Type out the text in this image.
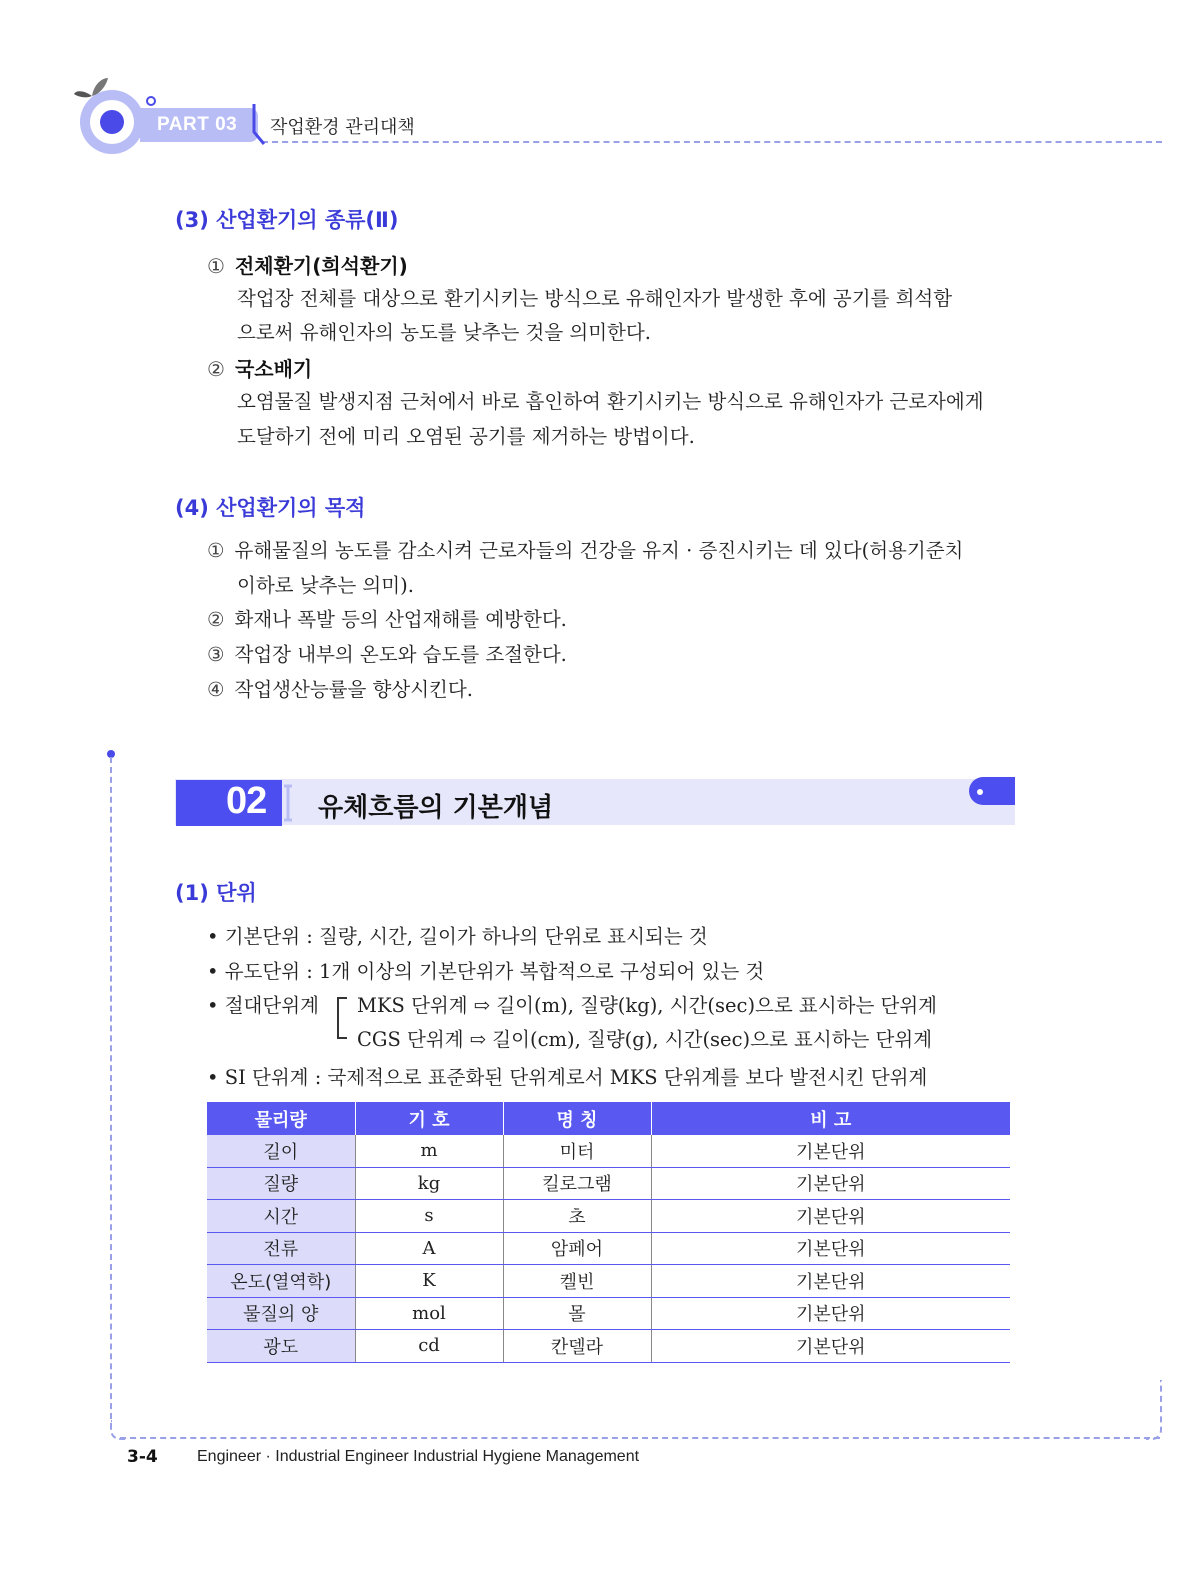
PART 03 작업환경 관리대책
(3) 산업환기의 종류(Ⅱ)
① 전체환기(희석환기)
작업장 전체를 대상으로 환기시키는 방식으로 유해인자가 발생한 후에 공기를 희석함
으로써 유해인자의 농도를 낮추는 것을 의미한다.
② 국소배기
오염물질 발생지점 근처에서 바로 흡인하여 환기시키는 방식으로 유해인자가 근로자에게
도달하기 전에 미리 오염된 공기를 제거하는 방법이다.
(4) 산업환기의 목적
① 유해물질의 농도를 감소시켜 근로자들의 건강을 유지 · 증진시키는 데 있다(허용기준치
이하로 낮추는 의미).
② 화재나 폭발 등의 산업재해를 예방한다.
③ 작업장 내부의 온도와 습도를 조절한다.
④ 작업생산능률을 향상시킨다.
02 유체흐름의 기본개념
(1) 단위
• 기본단위 : 질량, 시간, 길이가 하나의 단위로 표시되는 것
• 유도단위 : 1개 이상의 기본단위가 복합적으로 구성되어 있는 것
• 절대단위계 MKS 단위계 ⇨ 길이(m), 질량(kg), 시간(sec)으로 표시하는 단위계
CGS 단위계 ⇨ 길이(cm), 질량(g), 시간(sec)으로 표시하는 단위계
• SI 단위계 : 국제적으로 표준화된 단위계로서 MKS 단위계를 보다 발전시킨 단위계
물리량	기 호	명 칭	비 고
길이	m	미터	기본단위
질량	kg	킬로그램	기본단위
시간	s	초	기본단위
전류	A	암페어	기본단위
온도(열역학)	K	켈빈	기본단위
물질의 양	mol	몰	기본단위
광도	cd	칸델라	기본단위
3-4 Engineer · Industrial Engineer Industrial Hygiene Management
